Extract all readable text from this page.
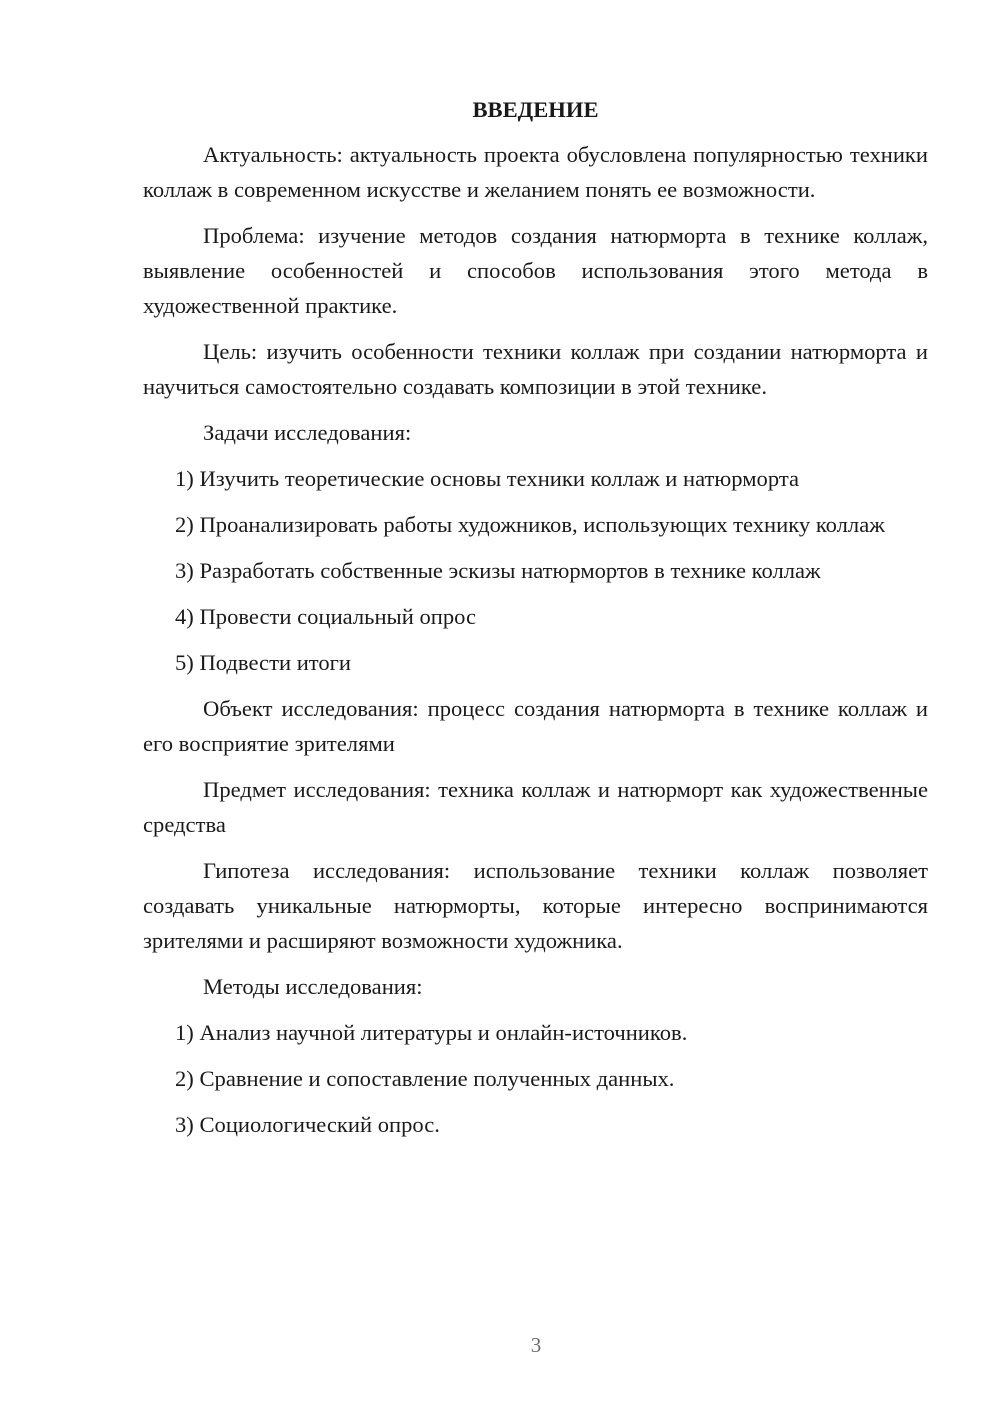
ВВЕДЕНИЕ

Актуальность: актуальность проекта обусловлена популярностью техники коллаж в современном искусстве и желанием понять ее возможности.

Проблема: изучение методов создания натюрморта в технике коллаж, выявление особенностей и способов использования этого метода в художественной практике.

Цель: изучить особенности техники коллаж при создании натюрморта и научиться самостоятельно создавать композиции в этой технике.

Задачи исследования:

1) Изучить теоретические основы техники коллаж и натюрморта

2) Проанализировать работы художников, использующих технику коллаж

3) Разработать собственные эскизы натюрмортов в технике коллаж

4) Провести социальный опрос

5) Подвести итоги

Объект исследования: процесс создания натюрморта в технике коллаж и его восприятие зрителями

Предмет исследования: техника коллаж и натюрморт как художественные средства

Гипотеза исследования: использование техники коллаж позволяет создавать уникальные натюрморты, которые интересно воспринимаются зрителями и расширяют возможности художника.

Методы исследования:

1) Анализ научной литературы и онлайн-источников.

2) Сравнение и сопоставление полученных данных.

3) Социологический опрос.

3
